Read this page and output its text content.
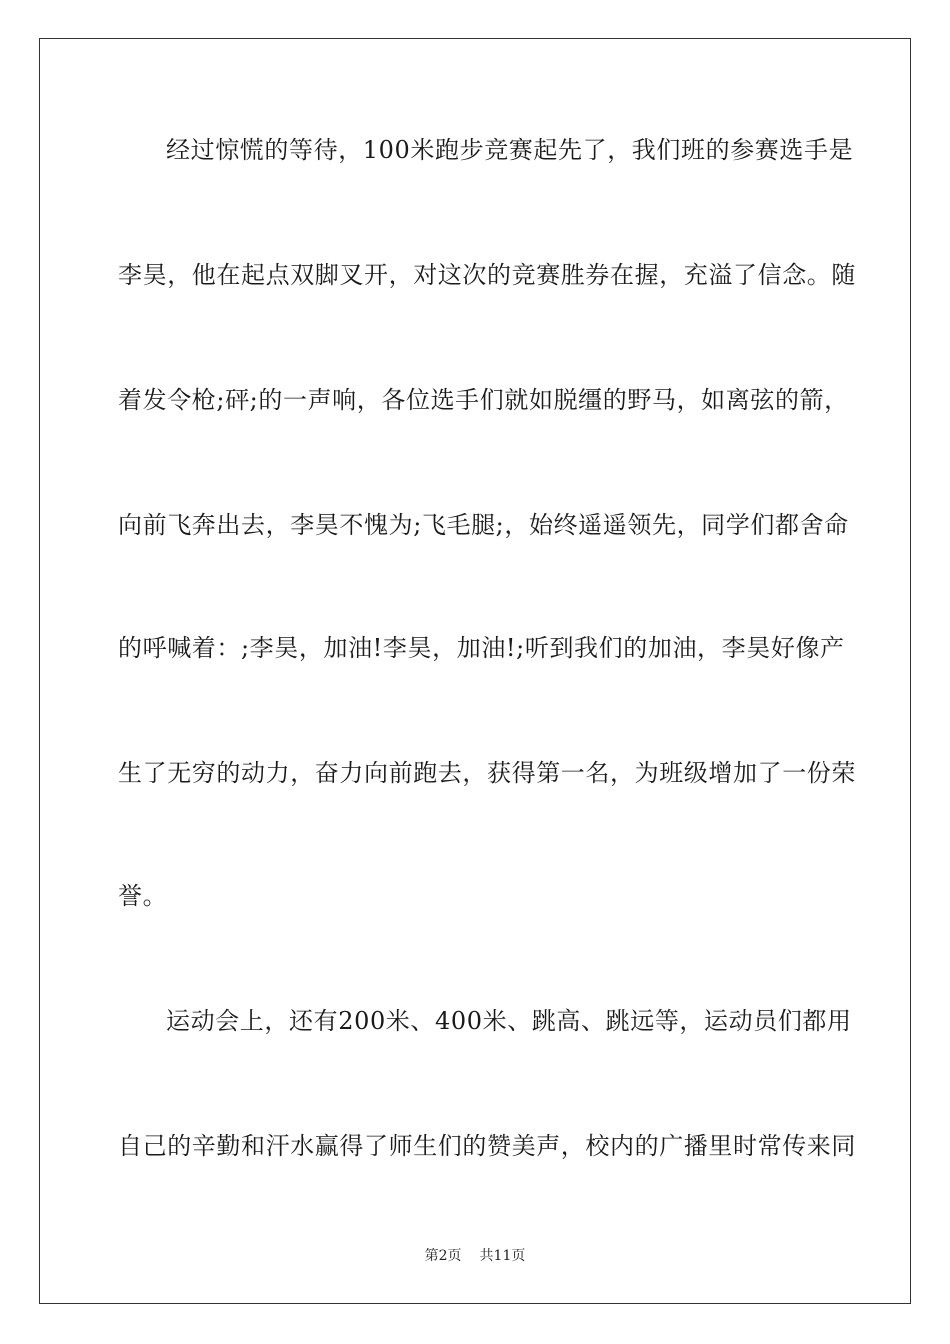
经过惊慌的等待，100米跑步竞赛起先了，我们班的参赛选手是
李昊，他在起点双脚叉开，对这次的竞赛胜券在握，充溢了信念。随
着发令枪;砰;的一声响，各位选手们就如脱缰的野马，如离弦的箭，
向前飞奔出去，李昊不愧为;飞毛腿;，始终遥遥领先，同学们都舍命
的呼喊着：;李昊，加油!李昊，加油!;听到我们的加油，李昊好像产
生了无穷的动力，奋力向前跑去，获得第一名，为班级增加了一份荣
誉。
运动会上，还有200米、400米、跳高、跳远等，运动员们都用
自己的辛勤和汗水赢得了师生们的赞美声，校内的广播里时常传来同
第2页 共11页
